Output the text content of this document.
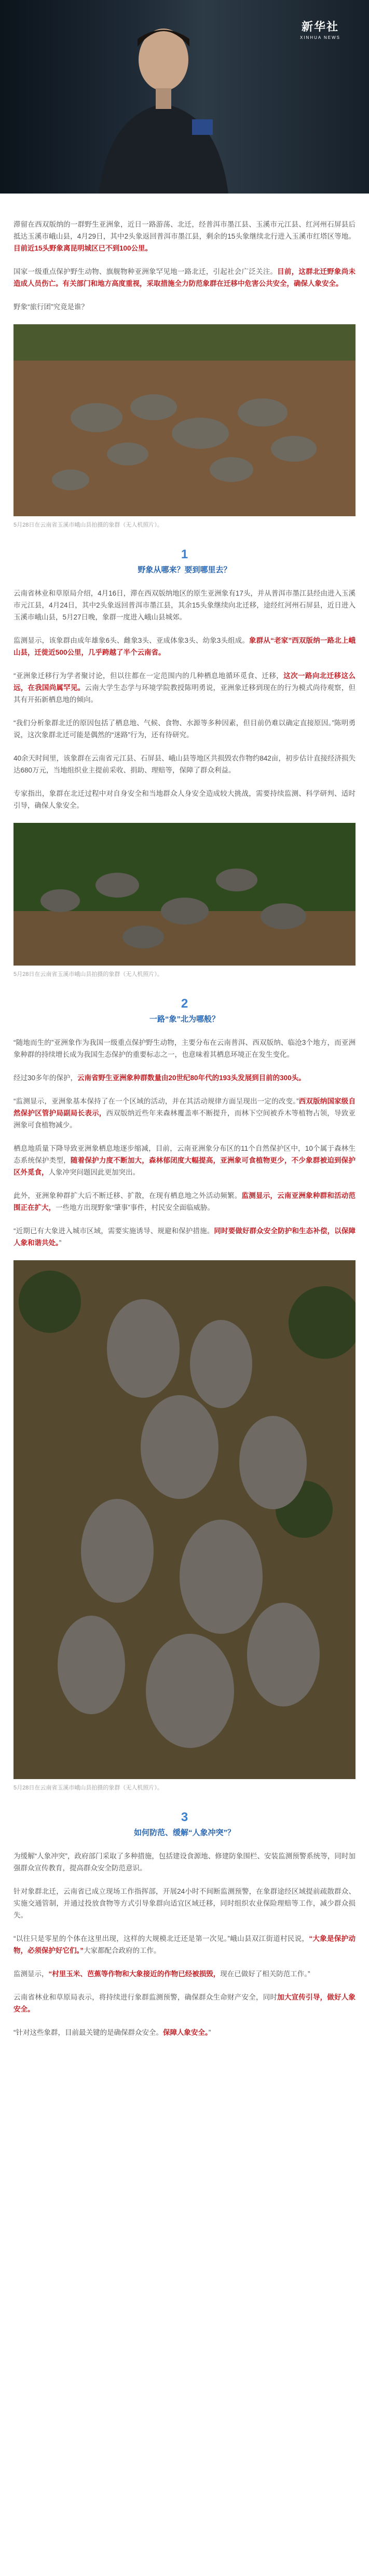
新华社
XINHUA NEWS

滞留在西双版纳的一群野生亚洲象，近日一路游荡、北迁，经普洱市墨江县、玉溪市元江县、红河州石屏县后抵达玉溪市峨山县，4月29日，其中2头象返回普洱市墨江县，剩余的15头象继续北行进入玉溪市红塔区等地。目前近15头野象离昆明城区已不到100公里。

国家一级重点保护野生动物、旗舰物种亚洲象罕见地一路北迁，引起社会广泛关注。目前，这群北迁野象尚未造成人员伤亡。有关部门和地方高度重视，采取措施全力防范象群在迁移中危害公共安全，确保人象安全。

野象“旅行团”究竟是谁？

5月28日在云南省玉溪市峨山县拍摄的象群（无人机照片）。
1
野象从哪来？要到哪里去？

云南省林业和草原局介绍，4月16日，滞在西双版纳地区的原生亚洲象有17头，并从普洱市墨江县经由进入玉溪市元江县，4月24日，其中2头象返回普洱市墨江县，其余15头象继续向北迁移，途经红河州石屏县，近日进入玉溪市峨山县，5月27日晚，象群一度进入峨山县城郊。

监测显示，该象群由成年雄象6头、雌象3头、亚成体象3头、幼象3头组成。象群从“老家”西双版纳一路北上峨山县，迁徙近500公里，几乎跨越了半个云南省。

“亚洲象迁移行为学者聚讨论，但以往都在一定范围内的几种栖息地循环觅食、迁移，这次一路向北迁移这么远，在我国尚属罕见。云南大学生态学与环境学院教授陈明勇说，亚洲象迁移到现在的行为模式尚待观察，但其有开拓新栖息地的倾向。

“我们分析象群北迁的原因包括了栖息地、气候、食物、水源等多种因素，但目前仍难以确定直接原因。”陈明勇说，这次象群北迁可能是偶然的“迷路”行为，还有待研究。

40余天时间里，该象群在云南省元江县、石屏县、峨山县等地区共损毁农作物约842亩，初步估计直接经济损失达680万元，当地组织业主提前采收、捐助、理赔等，保障了群众利益。

专家指出，象群在北迁过程中对自身安全和当地群众人身安全造成较大挑战，需要持续监测、科学研判、适时引导，确保人象安全。

5月28日在云南省玉溪市峨山县拍摄的象群（无人机照片）。
2
一路“象”北为哪般？

“随地而生的”亚洲象作为我国一级重点保护野生动物，主要分布在云南普洱、西双版纳、临沧3个地方，而亚洲象种群的持续增长成为我国生态保护的重要标志之一，也意味着其栖息环境正在发生变化。

经过30多年的保护，云南省野生亚洲象种群数量由20世纪80年代的193头发展到目前的300头。

“监测显示，亚洲象基本保持了在一个区域的活动，并在其活动规律方面呈现出一定的改变。”西双版纳国家级自然保护区管护局副局长表示，西双版纳近些年来森林覆盖率不断提升，而林下空间被乔木等植物占领，导致亚洲象可食植物减少。

栖息地质量下降导致亚洲象栖息地逐步缩减，目前，云南亚洲象分布区的11个自然保护区中，10个属于森林生态系统保护类型，随着保护力度不断加大，森林郁闭度大幅提高，亚洲象可食植物更少，不少象群被迫到保护区外觅食，人象冲突问题因此更加突出。

此外，亚洲象种群扩大后不断迁移、扩散，在现有栖息地之外活动频繁。监测显示，云南亚洲象种群和活动范围正在扩大，一些地方出现野象“肇事”事件，村民安全面临威胁。

“近期已有大象进入城市区域，需要实施诱导、规避和保护措施。同时要做好群众安全防护和生态补偿，以保障人象和谐共处。”

5月28日在云南省玉溪市峨山县拍摄的象群（无人机照片）。
3
如何防范、缓解“人象冲突”？

为缓解“人象冲突”，政府部门采取了多种措施，包括建设食源地、修建防象围栏、安装监测预警系统等，同时加强群众宣传教育，提高群众安全防范意识。

针对象群北迁，云南省已成立现场工作指挥部，开展24小时不间断监测预警，在象群途经区域提前疏散群众、实施交通管制，并通过投放食物等方式引导象群向适宜区域迁移，同时组织农业保险理赔等工作，减少群众损失。

“以往只是零星的个体在这里出现，这样的大规模北迁还是第一次见。”峨山县双江街道村民说，“大象是保护动物，必须保护好它们。”大家都配合政府的工作。

监测显示，“村里玉米、芭蕉等作物和大象接近的作物已经被损毁，现在已做好了相关防范工作。”

云南省林业和草原局表示，将持续进行象群监测预警，确保群众生命财产安全，同时加大宣传引导，做好人象安全。

“针对这些象群，目前最关键的是确保群众安全。保障人象安全。”
